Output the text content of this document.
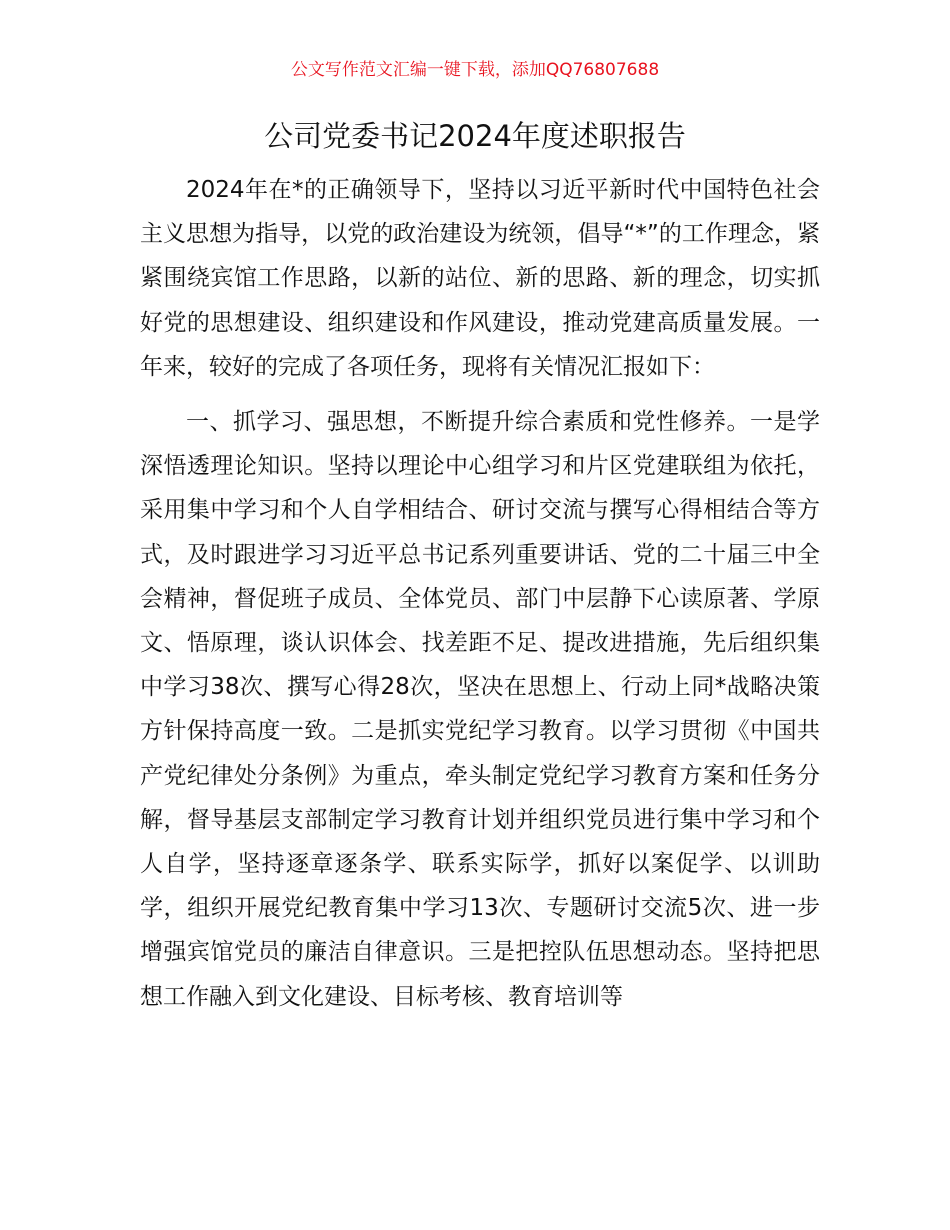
公文写作范文汇编一键下载，添加QQ76807688
公司党委书记2024年度述职报告

2024年在*的正确领导下，坚持以习近平新时代中国特色社会主义思想为指导，以党的政治建设为统领，倡导“*”的工作理念，紧紧围绕宾馆工作思路，以新的站位、新的思路、新的理念，切实抓好党的思想建设、组织建设和作风建设，推动党建高质量发展。一年来，较好的完成了各项任务，现将有关情况汇报如下：

一、抓学习、强思想，不断提升综合素质和党性修养。一是学深悟透理论知识。坚持以理论中心组学习和片区党建联组为依托，采用集中学习和个人自学相结合、研讨交流与撰写心得相结合等方式，及时跟进学习习近平总书记系列重要讲话、党的二十届三中全会精神，督促班子成员、全体党员、部门中层静下心读原著、学原文、悟原理，谈认识体会、找差距不足、提改进措施，先后组织集中学习38次、撰写心得28次，坚决在思想上、行动上同*战略决策方针保持高度一致。二是抓实党纪学习教育。以学习贯彻《中国共产党纪律处分条例》为重点，牵头制定党纪学习教育方案和任务分解，督导基层支部制定学习教育计划并组织党员进行集中学习和个人自学，坚持逐章逐条学、联系实际学，抓好以案促学、以训助学，组织开展党纪教育集中学习13次、专题研讨交流5次、进一步增强宾馆党员的廉洁自律意识。三是把控队伍思想动态。坚持把思想工作融入到文化建设、目标考核、教育培训等
